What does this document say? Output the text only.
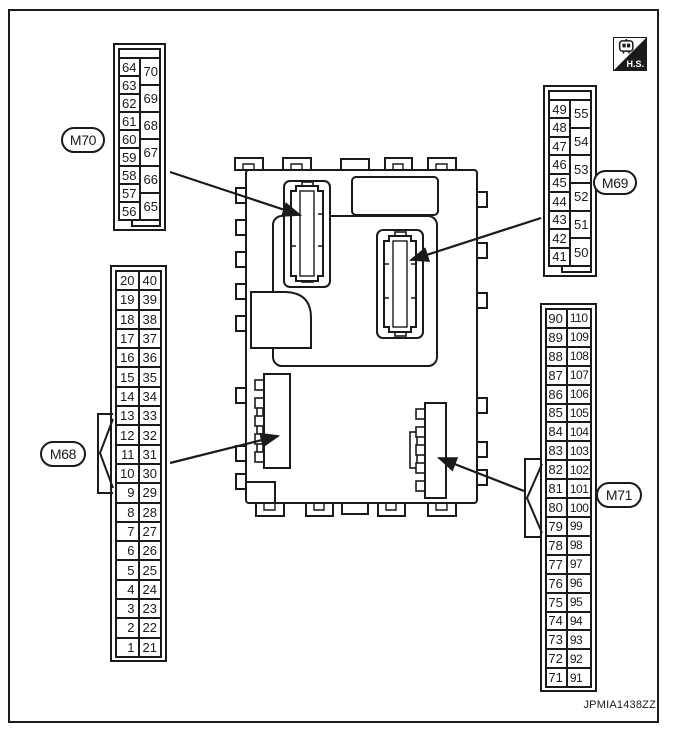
64
63
62
61
60
59
58
57
56
70
69
68
67
66
65
M70
49
48
47
46
45
44
43
42
41
55
54
53
52
51
50
M69
20
19
18
17
16
15
14
13
12
11
10
9
8
7
6
5
4
3
2
1
40
39
38
37
36
35
34
33
32
31
30
29
28
27
26
25
24
23
22
21
M68
90
89
88
87
86
85
84
83
82
81
80
79
78
77
76
75
74
73
72
71
110
109
108
107
106
105
104
103
102
101
100
99
98
97
96
95
94
93
92
91
M71
H.S.
JPMIA1438ZZ
